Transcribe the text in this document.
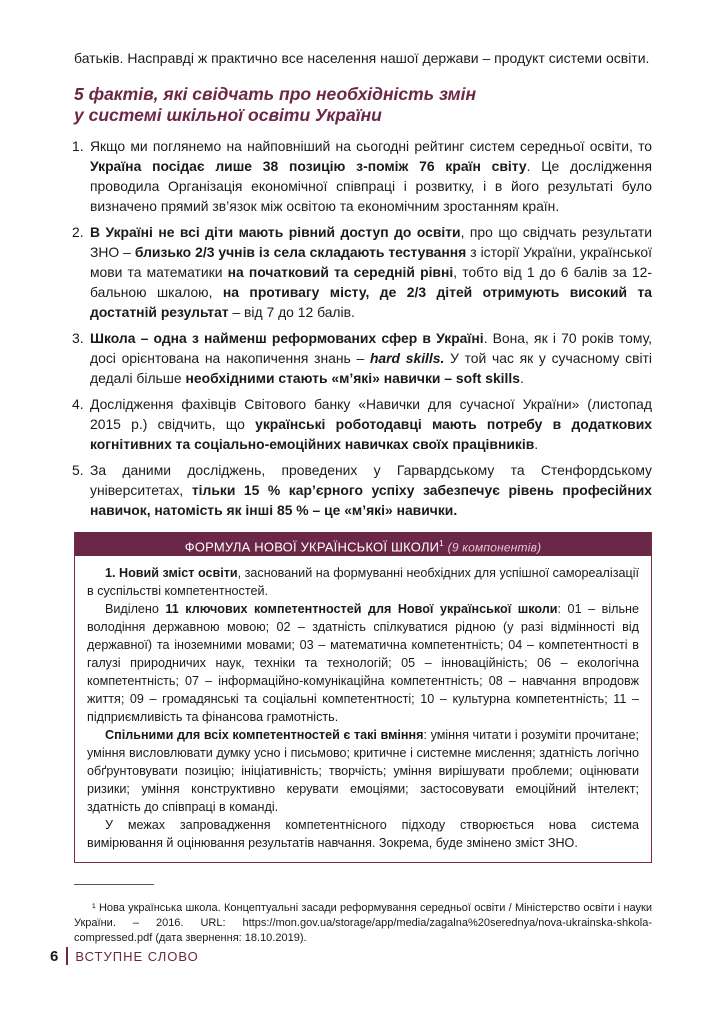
батьків. Насправді ж практично все населення нашої держави – продукт системи освіти.

5 фактів, які свідчать про необхідність змін
у системі шкільної освіти України
1. Якщо ми поглянемо на найповніший на сьогодні рейтинг систем середньої освіти, то Україна посідає лише 38 позицію з-поміж 76 країн світу. Це дослідження проводила Організація економічної співпраці і розвитку, і в його результаті було визначено прямий зв’язок між освітою та економічним зростанням країн.
2. В Україні не всі діти мають рівний доступ до освіти, про що свідчать результати ЗНО – близько 2/3 учнів із села складають тестування з історії України, української мови та математики на початковий та середній рівні, тобто від 1 до 6 балів за 12-бальною шкалою, на противагу місту, де 2/3 дітей отримують високий та достатній результат – від 7 до 12 балів.
3. Школа – одна з найменш реформованих сфер в Україні. Вона, як і 70 років тому, досі орієнтована на накопичення знань – hard skills. У той час як у сучасному світі дедалі більше необхідними стають «м’які» навички – soft skills.
4. Дослідження фахівців Світового банку «Навички для сучасної України» (листопад 2015 р.) свідчить, що українські роботодавці мають потребу в додаткових когнітивних та соціально-емоційних навичках своїх працівників.
5. За даними досліджень, проведених у Гарвардському та Стенфордському університетах, тільки 15 % кар’єрного успіху забезпечує рівень професійних навичок, натомість як інші 85 % – це «м’які» навички.
ФОРМУЛА НОВОЇ УКРАЇНСЬКОЇ ШКОЛИ$^1$ (9 компонентів)

1. Новий зміст освіти, заснований на формуванні необхідних для успішної самореалізації в суспільстві компетентностей.

Виділено 11 ключових компетентностей для Нової української школи: 01 – вільне володіння державною мовою; 02 – здатність спілкуватися рідною (у разі відмінності від державної) та іноземними мовами; 03 – математична компетентність; 04 – компетентності в галузі природничих наук, техніки та технологій; 05 – інноваційність; 06 – екологічна компетентність; 07 – інформаційно-комунікаційна компетентність; 08 – навчання впродовж життя; 09 – громадянські та соціальні компетентності; 10 – культурна компетентність; 11 – підприємливість та фінансова грамотність.

Спільними для всіх компетентностей є такі вміння: уміння читати і розуміти прочитане; уміння висловлювати думку усно і письмово; критичне і системне мислення; здатність логічно обґрунтовувати позицію; ініціативність; творчість; уміння вирішувати проблеми; оцінювати ризики; уміння конструктивно керувати емоціями; застосовувати емоційний інтелект; здатність до співпраці в команді.

У межах запровадження компетентнісного підходу створюється нова система вимірювання й оцінювання результатів навчання. Зокрема, буде змінено зміст ЗНО.

¹ Нова українська школа. Концептуальні засади реформування середньої освіти / Міністерство освіти і науки України. – 2016. URL: https://mon.gov.ua/storage/app/media/zagalna%20serednya/nova-ukrainska-shkola-compressed.pdf (дата звернення: 18.10.2019).

6 ВСТУПНЕ СЛОВО
